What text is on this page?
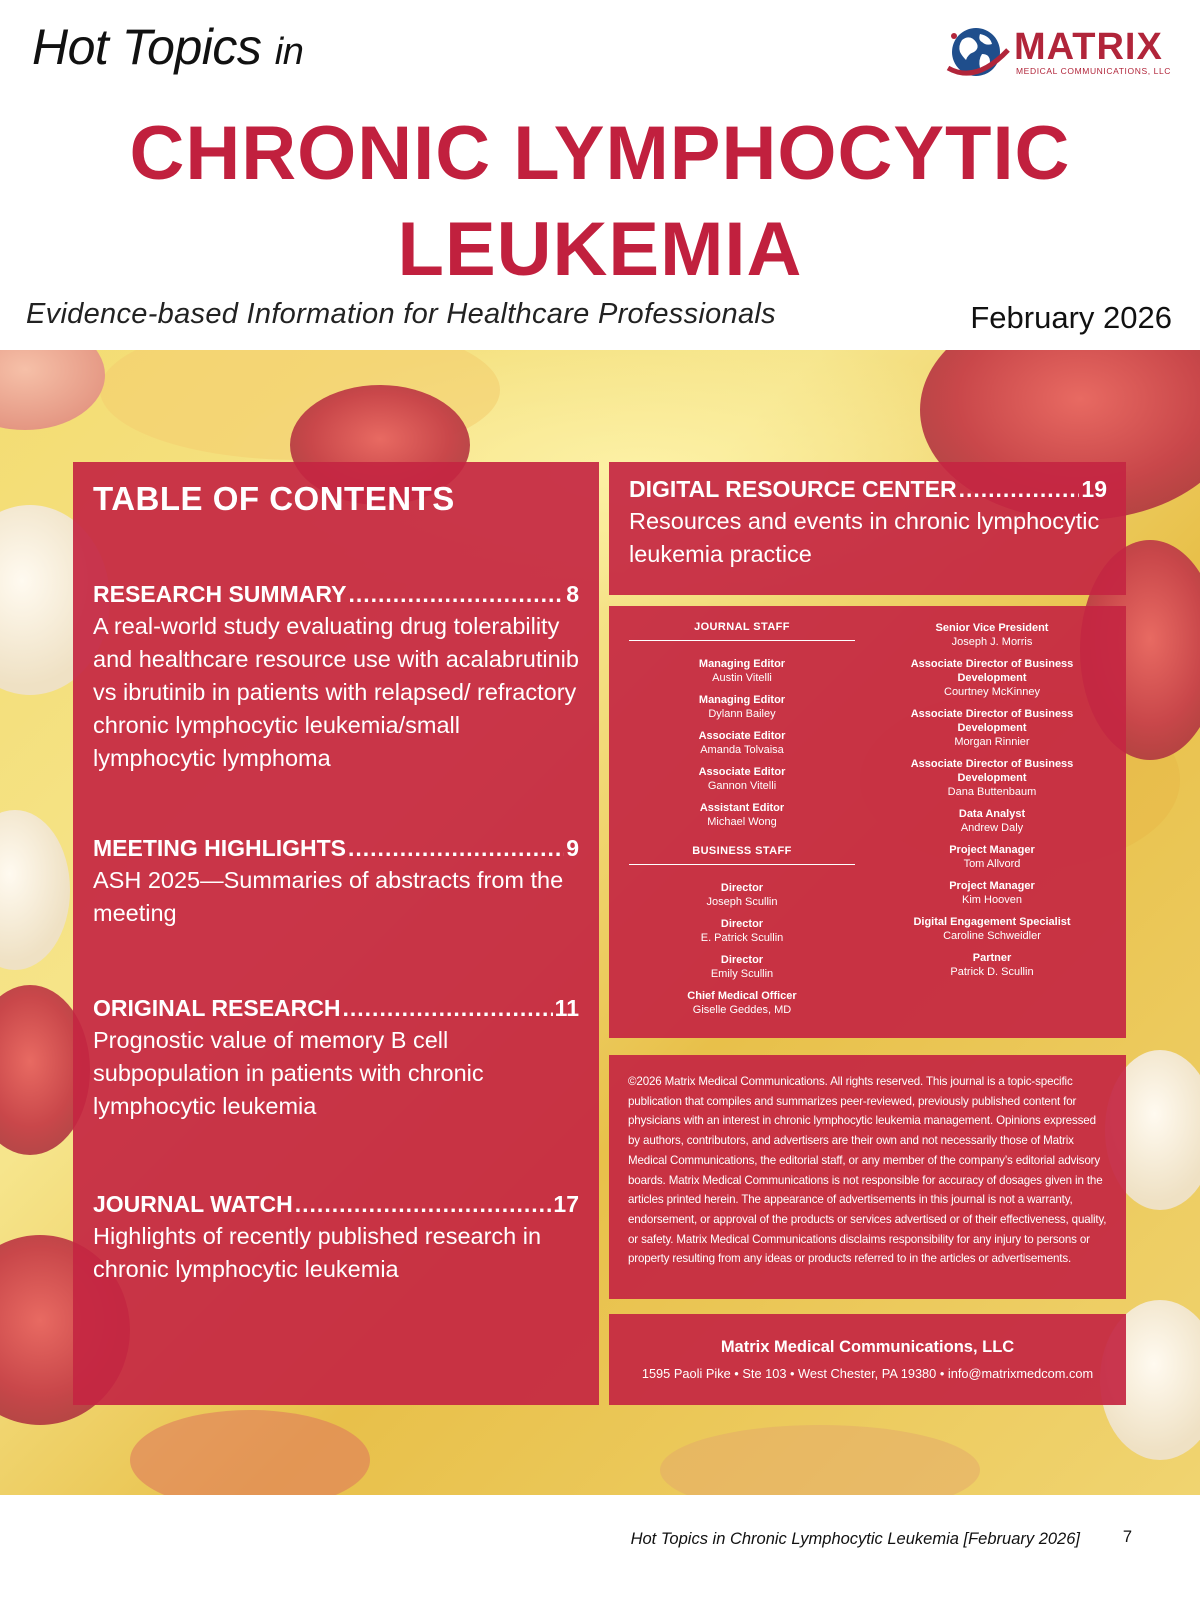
Hot Topics in	MATRIX
MEDICAL COMMUNICATIONS, LLC
CHRONIC LYMPHOCYTIC
LEUKEMIA
Evidence-based Information for Healthcare Professionals	February 2026
TABLE OF CONTENTS
RESEARCH SUMMARY .....	8
A real-world study evaluating drug tolerability and healthcare resource use with acalabrutinib vs ibrutinib in patients with relapsed/ refractory chronic lymphocytic leukemia/small lymphocytic lymphoma
MEETING HIGHLIGHTS .....	9
ASH 2025—Summaries of abstracts from the meeting
ORIGINAL RESEARCH .....	11
Prognostic value of memory B cell subpopulation in patients with chronic lymphocytic leukemia
JOURNAL WATCH .....	17
Highlights of recently published research in chronic lymphocytic leukemia
DIGITAL RESOURCE CENTER .....	19
Resources and events in chronic lymphocytic leukemia practice
JOURNAL STAFF
Managing Editor
Austin Vitelli
Managing Editor
Dylann Bailey
Associate Editor
Amanda Tolvaisa
Associate Editor
Gannon Vitelli
Assistant Editor
Michael Wong
BUSINESS STAFF
Director
Joseph Scullin
Director
E. Patrick Scullin
Director
Emily Scullin
Chief Medical Officer
Giselle Geddes, MD
Senior Vice President
Joseph J. Morris
Associate Director of Business Development
Courtney McKinney
Associate Director of Business Development
Morgan Rinnier
Associate Director of Business Development
Dana Buttenbaum
Data Analyst
Andrew Daly
Project Manager
Tom Allvord
Project Manager
Kim Hooven
Digital Engagement Specialist
Caroline Schweidler
Partner
Patrick D. Scullin
©2026 Matrix Medical Communications. All rights reserved. This journal is a topic-specific publication that compiles and summarizes peer-reviewed, previously published content for physicians with an interest in chronic lymphocytic leukemia management. Opinions expressed by authors, contributors, and advertisers are their own and not necessarily those of Matrix Medical Communications, the editorial staff, or any member of the company’s editorial advisory boards. Matrix Medical Communications is not responsible for accuracy of dosages given in the articles printed herein. The appearance of advertisements in this journal is not a warranty, endorsement, or approval of the products or services advertised or of their effectiveness, quality, or safety. Matrix Medical Communications disclaims responsibility for any injury to persons or property resulting from any ideas or products referred to in the articles or advertisements.
Matrix Medical Communications, LLC
1595 Paoli Pike • Ste 103 • West Chester, PA 19380 • info@matrixmedcom.com
Hot Topics in Chronic Lymphocytic Leukemia [February 2026]	7
